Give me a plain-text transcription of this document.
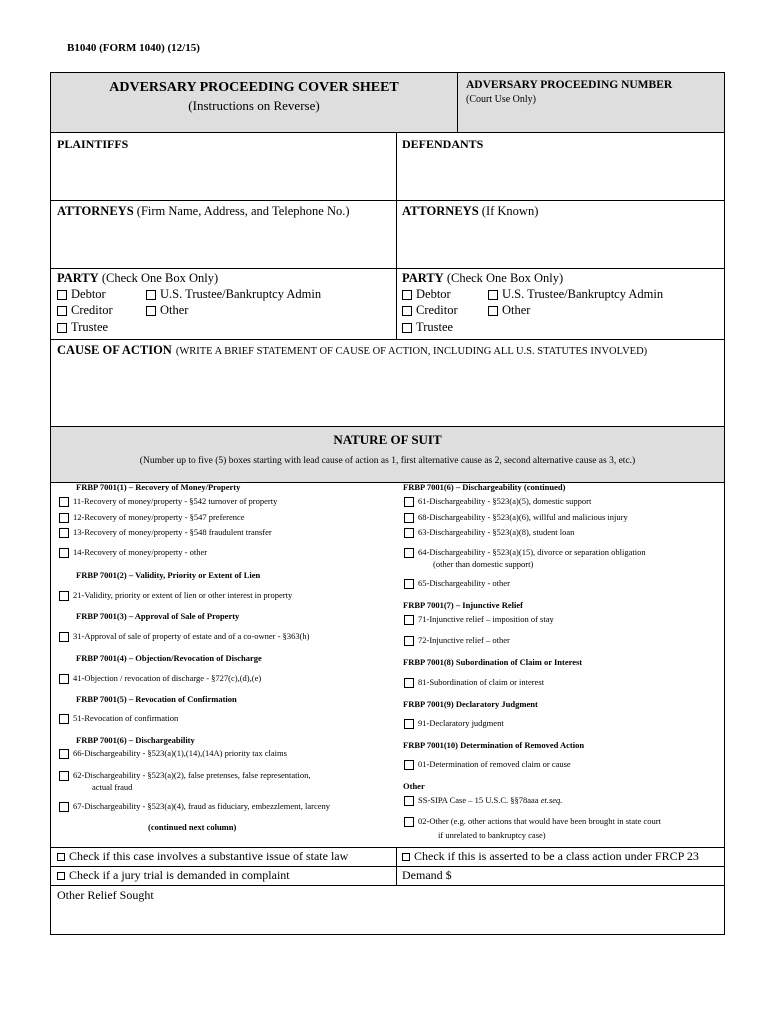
B1040 (FORM 1040) (12/15)
ADVERSARY PROCEEDING COVER SHEET
(Instructions on Reverse)
ADVERSARY PROCEEDING NUMBER
(Court Use Only)
PLAINTIFFS	DEFENDANTS
ATTORNEYS (Firm Name, Address, and Telephone No.)	ATTORNEYS (If Known)
PARTY (Check One Box Only)
Debtor	U.S. Trustee/Bankruptcy Admin
Creditor	Other
Trustee
PARTY (Check One Box Only)
Debtor	U.S. Trustee/Bankruptcy Admin
Creditor	Other
Trustee
CAUSE OF ACTION (WRITE A BRIEF STATEMENT OF CAUSE OF ACTION, INCLUDING ALL U.S. STATUTES INVOLVED)
NATURE OF SUIT
(Number up to five (5) boxes starting with lead cause of action as 1, first alternative cause as 2, second alternative cause as 3, etc.)
FRBP 7001(1) – Recovery of Money/Property
11-Recovery of money/property - §542 turnover of property
12-Recovery of money/property - §547 preference
13-Recovery of money/property - §548 fraudulent transfer
14-Recovery of money/property - other
FRBP 7001(2) – Validity, Priority or Extent of Lien
21-Validity, priority or extent of lien or other interest in property
FRBP 7001(3) – Approval of Sale of Property
31-Approval of sale of property of estate and of a co-owner - §363(h)
FRBP 7001(4) – Objection/Revocation of Discharge
41-Objection / revocation of discharge - §727(c),(d),(e)
FRBP 7001(5) – Revocation of Confirmation
51-Revocation of confirmation
FRBP 7001(6) – Dischargeability
66-Dischargeability - §523(a)(1),(14),(14A) priority tax claims
62-Dischargeability - §523(a)(2), false pretenses, false representation,
actual fraud
67-Dischargeability - §523(a)(4), fraud as fiduciary, embezzlement, larceny
(continued next column)
FRBP 7001(6) – Dischargeability (continued)
61-Dischargeability - §523(a)(5), domestic support
68-Dischargeability - §523(a)(6), willful and malicious injury
63-Dischargeability - §523(a)(8), student loan
64-Dischargeability - §523(a)(15), divorce or separation obligation
(other than domestic support)
65-Dischargeability - other
FRBP 7001(7) – Injunctive Relief
71-Injunctive relief – imposition of stay
72-Injunctive relief – other
FRBP 7001(8) Subordination of Claim or Interest
81-Subordination of claim or interest
FRBP 7001(9) Declaratory Judgment
91-Declaratory judgment
FRBP 7001(10) Determination of Removed Action
01-Determination of removed claim or cause
Other
SS-SIPA Case – 15 U.S.C. §§78aaa et.seq.
02-Other (e.g. other actions that would have been brought in state court
if unrelated to bankruptcy case)
Check if this case involves a substantive issue of state law	Check if this is asserted to be a class action under FRCP 23
Check if a jury trial is demanded in complaint	Demand $
Other Relief Sought
